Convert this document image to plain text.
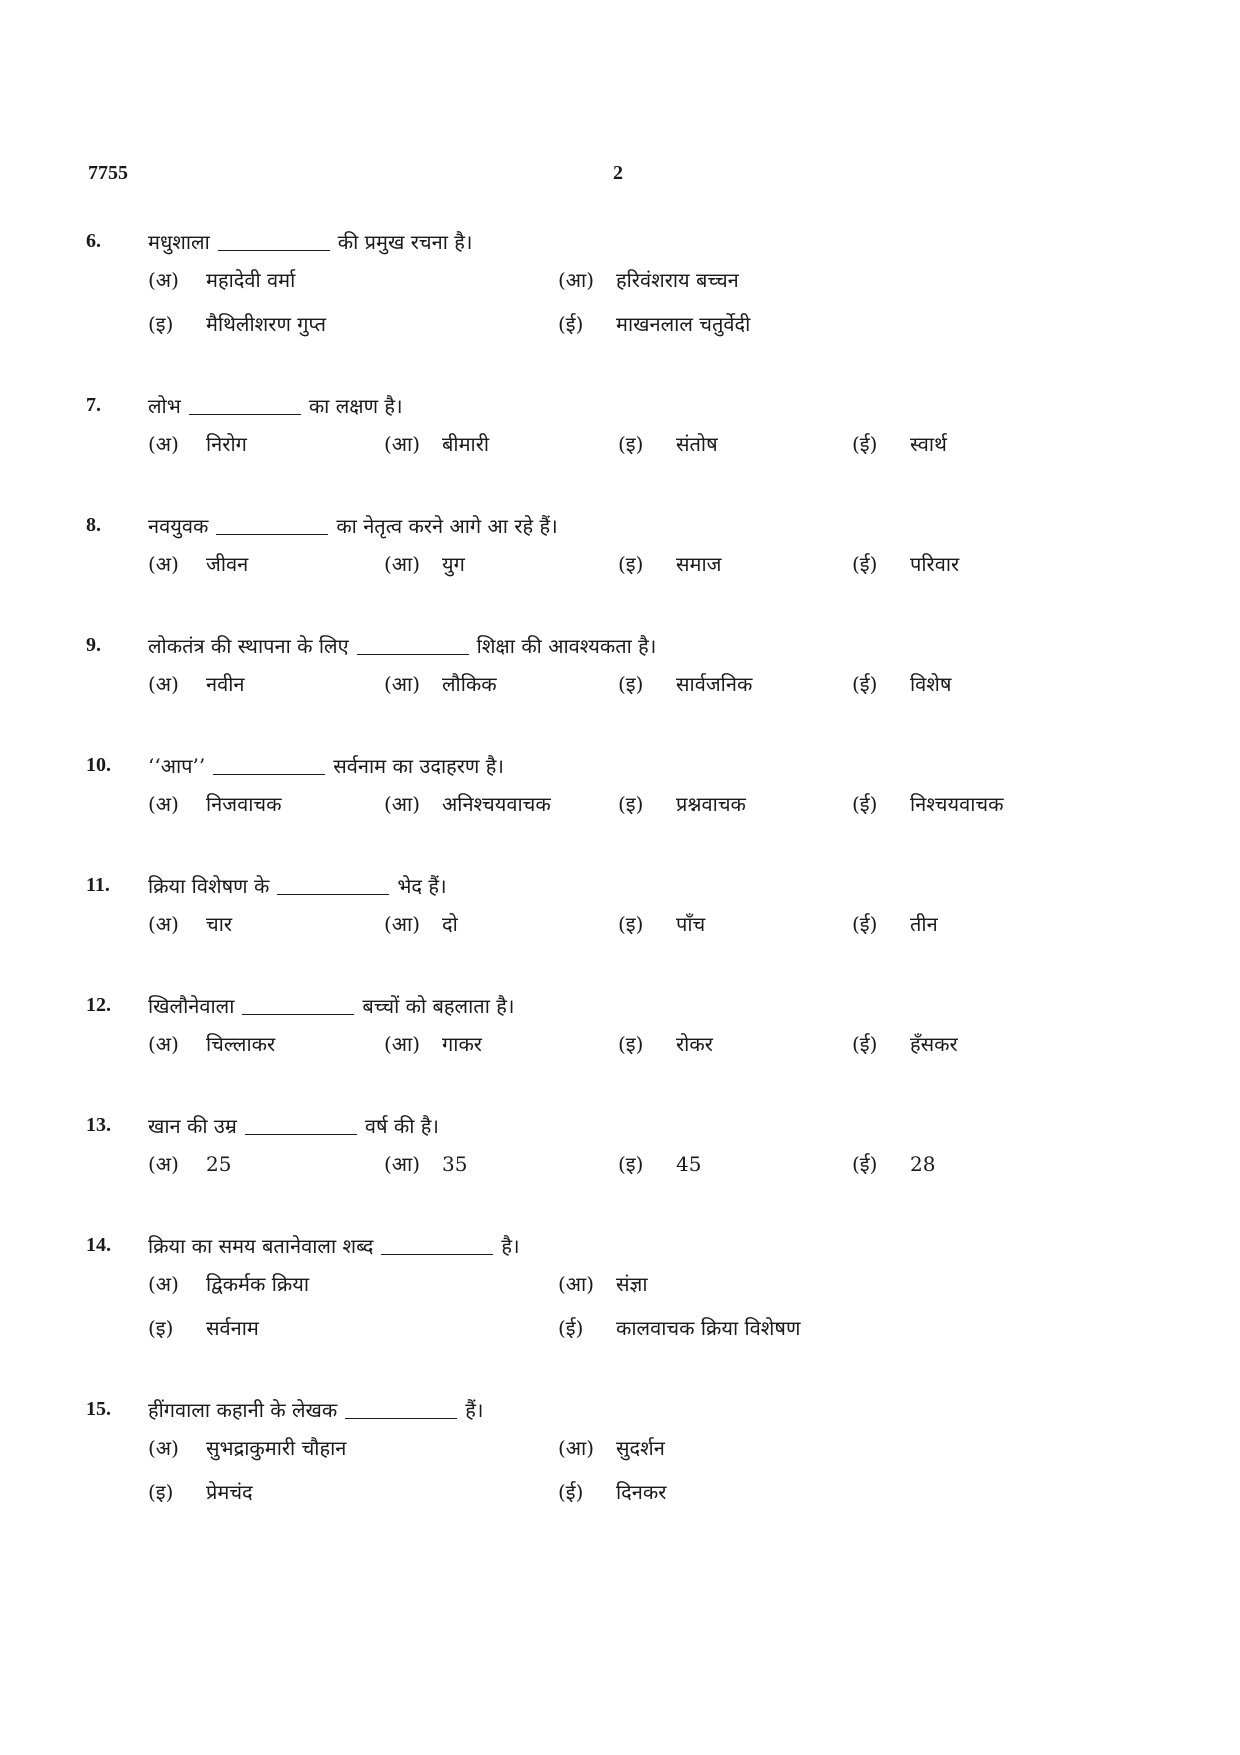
7755	2
6. मधुशाला	की प्रमुख रचना है।
(अ) महादेवी वर्मा	(आ) हरिवंशराय बच्चन
(इ) मैथिलीशरण गुप्त	(ई) माखनलाल चतुर्वेदी
7. लोभ	का लक्षण है।
(अ) निरोग	(आ) बीमारी	(इ) संतोष	(ई) स्वार्थ
8. नवयुवक	का नेतृत्व करने आगे आ रहे हैं।
(अ) जीवन	(आ) युग	(इ) समाज	(ई) परिवार
9. लोकतंत्र की स्थापना के लिए	शिक्षा की आवश्यकता है।
(अ) नवीन	(आ) लौकिक	(इ) सार्वजनिक	(ई) विशेष
10. ‘‘आप’’	सर्वनाम का उदाहरण है।
(अ) निजवाचक	(आ) अनिश्चयवाचक	(इ) प्रश्नवाचक	(ई) निश्चयवाचक
11. क्रिया विशेषण के	भेद हैं।
(अ) चार	(आ) दो	(इ) पाँच	(ई) तीन
12. खिलौनेवाला	बच्चों को बहलाता है।
(अ) चिल्लाकर	(आ) गाकर	(इ) रोकर	(ई) हँसकर
13. खान की उम्र	वर्ष की है।
(अ) 25	(आ) 35	(इ) 45	(ई) 28
14. क्रिया का समय बतानेवाला शब्द	है।
(अ) द्विकर्मक क्रिया	(आ) संज्ञा
(इ) सर्वनाम	(ई) कालवाचक क्रिया विशेषण
15. हींगवाला कहानी के लेखक	हैं।
(अ) सुभद्राकुमारी चौहान	(आ) सुदर्शन
(इ) प्रेमचंद	(ई) दिनकर
